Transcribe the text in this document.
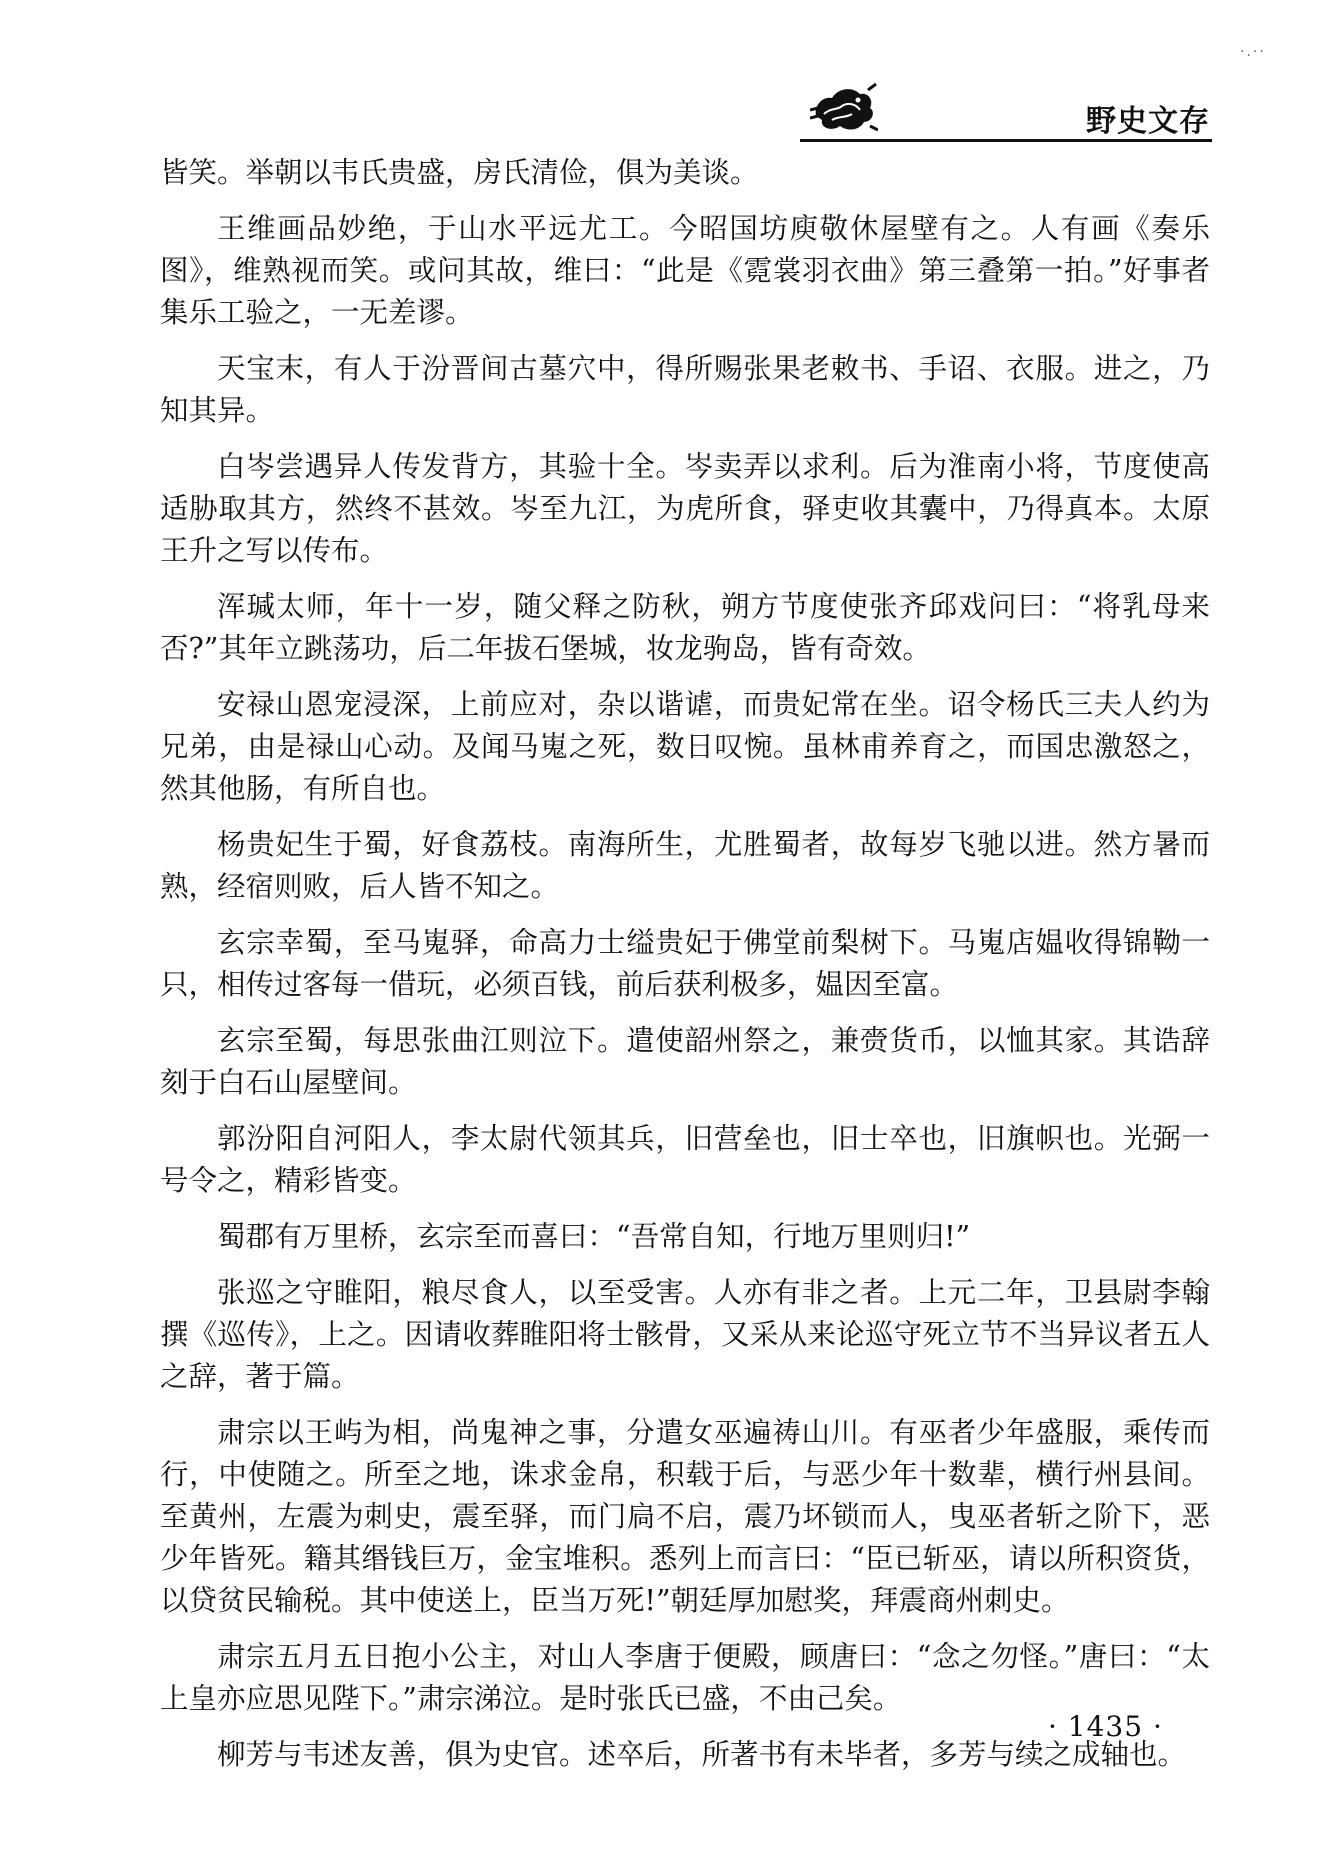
·.··
野史文存

皆笑。举朝以韦氏贵盛，房氏清俭，俱为美谈。

王维画品妙绝，于山水平远尤工。今昭国坊庾敬休屋壁有之。人有画《奏乐图》，维熟视而笑。或问其故，维曰：“此是《霓裳羽衣曲》第三叠第一拍。”好事者集乐工验之，一无差谬。

天宝末，有人于汾晋间古墓穴中，得所赐张果老敕书、手诏、衣服。进之，乃知其异。

白岑尝遇异人传发背方，其验十全。岑卖弄以求利。后为淮南小将，节度使高适胁取其方，然终不甚效。岑至九江，为虎所食，驿吏收其囊中，乃得真本。太原王升之写以传布。

浑瑊太师，年十一岁，随父释之防秋，朔方节度使张齐邱戏问曰：“将乳母来否?”其年立跳荡功，后二年拔石堡城，妆龙驹岛，皆有奇效。

安禄山恩宠浸深，上前应对，杂以谐谑，而贵妃常在坐。诏令杨氏三夫人约为兄弟，由是禄山心动。及闻马嵬之死，数日叹惋。虽林甫养育之，而国忠激怒之，然其他肠，有所自也。

杨贵妃生于蜀，好食荔枝。南海所生，尤胜蜀者，故每岁飞驰以进。然方暑而熟，经宿则败，后人皆不知之。

玄宗幸蜀，至马嵬驿，命高力士缢贵妃于佛堂前梨树下。马嵬店媪收得锦靿一只，相传过客每一借玩，必须百钱，前后获利极多，媪因至富。

玄宗至蜀，每思张曲江则泣下。遣使韶州祭之，兼赍货币，以恤其家。其诰辞刻于白石山屋壁间。

郭汾阳自河阳人，李太尉代领其兵，旧营垒也，旧士卒也，旧旗帜也。光弼一号令之，精彩皆变。

蜀郡有万里桥，玄宗至而喜曰：“吾常自知，行地万里则归!”

张巡之守睢阳，粮尽食人，以至受害。人亦有非之者。上元二年，卫县尉李翰撰《巡传》，上之。因请收葬睢阳将士骸骨，又采从来论巡守死立节不当异议者五人之辞，著于篇。

肃宗以王屿为相，尚鬼神之事，分遣女巫遍祷山川。有巫者少年盛服，乘传而行，中使随之。所至之地，诛求金帛，积载于后，与恶少年十数辈，横行州县间。至黄州，左震为刺史，震至驿，而门扃不启，震乃坏锁而人，曳巫者斩之阶下，恶少年皆死。籍其缗钱巨万，金宝堆积。悉列上而言曰：“臣已斩巫，请以所积资货，以贷贫民输税。其中使送上，臣当万死!”朝廷厚加慰奖，拜震商州刺史。

肃宗五月五日抱小公主，对山人李唐于便殿，顾唐曰：“念之勿怪。”唐曰：“太上皇亦应思见陛下。”肃宗涕泣。是时张氏已盛，不由己矣。

柳芳与韦述友善，俱为史官。述卒后，所著书有未毕者，多芳与续之成轴也。

· 1435 ·
